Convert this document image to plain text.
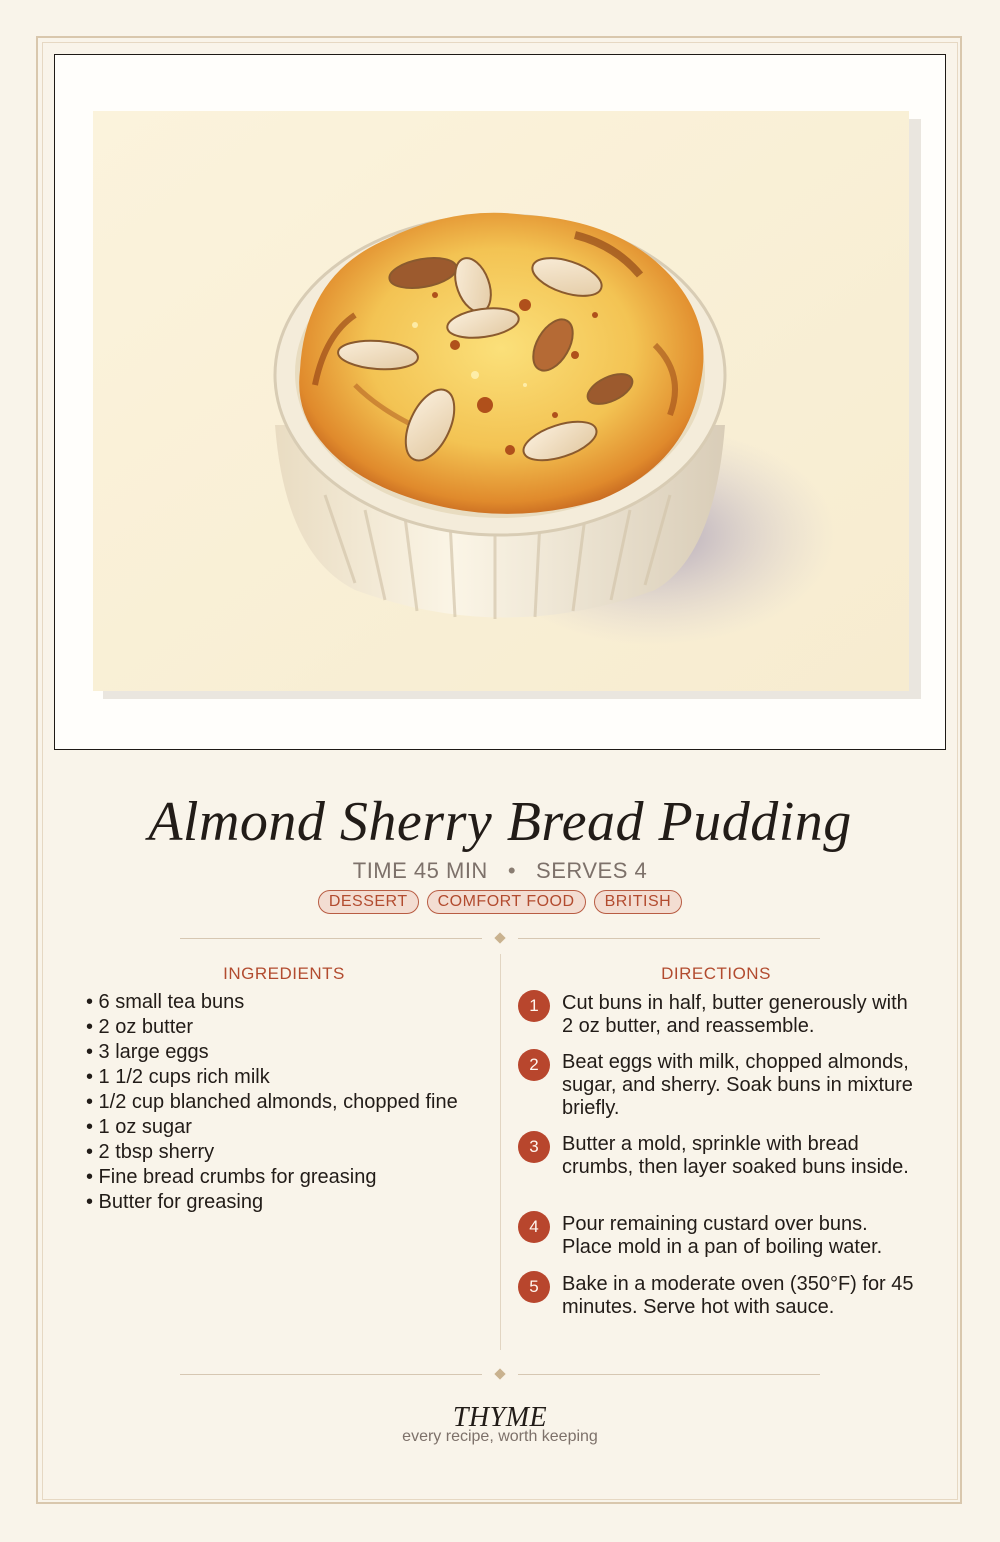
Almond Sherry Bread Pudding
TIME 45 MIN • SERVES 4
DESSERT COMFORT FOOD BRITISH
INGREDIENTS
• 6 small tea buns
• 2 oz butter
• 3 large eggs
• 1 1/2 cups rich milk
• 1/2 cup blanched almonds, chopped fine
• 1 oz sugar
• 2 tbsp sherry
• Fine bread crumbs for greasing
• Butter for greasing
DIRECTIONS
1	Cut buns in half, butter generously with 2 oz butter, and reassemble.
2	Beat eggs with milk, chopped almonds, sugar, and sherry. Soak buns in mixture briefly.
3	Butter a mold, sprinkle with bread crumbs, then layer soaked buns inside.
4	Pour remaining custard over buns. Place mold in a pan of boiling water.
5	Bake in a moderate oven (350°F) for 45 minutes. Serve hot with sauce.
THYME
every recipe, worth keeping
